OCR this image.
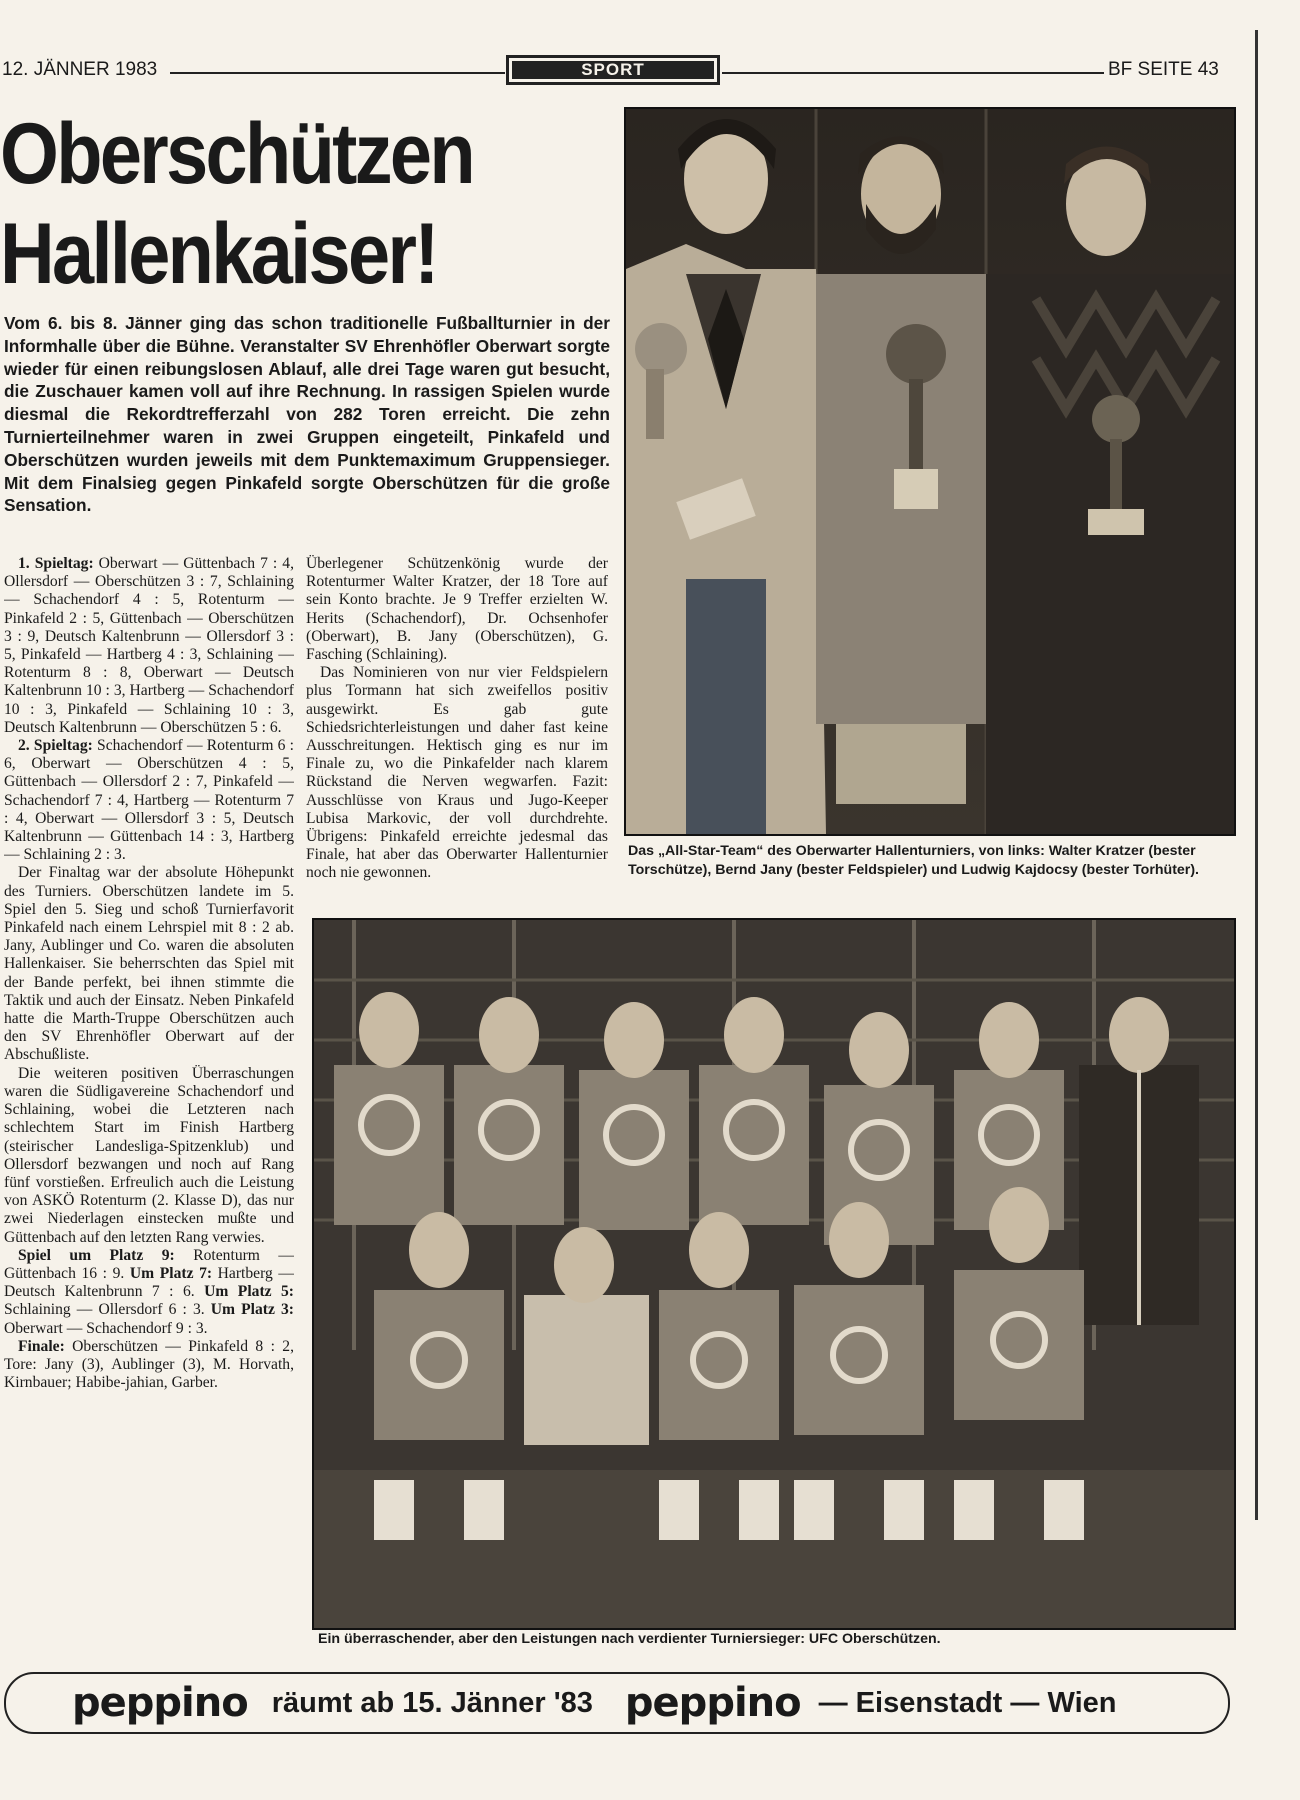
12. JÄNNER 1983	SPORT	BF SEITE 43
Oberschützen
Hallenkaiser!
Vom 6. bis 8. Jänner ging das schon traditionelle Fußballturnier in der Informhalle über die Bühne. Veranstalter SV Ehrenhöfler Oberwart sorgte wieder für einen reibungslosen Ablauf, alle drei Tage waren gut besucht, die Zuschauer kamen voll auf ihre Rechnung. In rassigen Spielen wurde diesmal die Rekordtrefferzahl von 282 Toren erreicht. Die zehn Turnierteilnehmer waren in zwei Gruppen eingeteilt, Pinkafeld und Oberschützen wurden jeweils mit dem Punktemaximum Gruppensieger. Mit dem Finalsieg gegen Pinkafeld sorgte Oberschützen für die große Sensation.

1. Spieltag: Oberwart — Güttenbach 7 : 4, Ollersdorf — Oberschützen 3 : 7, Schlaining — Schachendorf 4 : 5, Rotenturm — Pinkafeld 2 : 5, Güttenbach — Oberschützen 3 : 9, Deutsch Kaltenbrunn — Ollersdorf 3 : 5, Pinkafeld — Hartberg 4 : 3, Schlaining — Rotenturm 8 : 8, Oberwart — Deutsch Kaltenbrunn 10 : 3, Hartberg — Schachendorf 10 : 3, Pinkafeld — Schlaining 10 : 3, Deutsch Kaltenbrunn — Oberschützen 5 : 6.

2. Spieltag: Schachendorf — Rotenturm 6 : 6, Oberwart — Oberschützen 4 : 5, Güttenbach — Ollersdorf 2 : 7, Pinkafeld — Schachendorf 7 : 4, Hartberg — Rotenturm 7 : 4, Oberwart — Ollersdorf 3 : 5, Deutsch Kaltenbrunn — Güttenbach 14 : 3, Hartberg — Schlaining 2 : 3.

Der Finaltag war der absolute Höhepunkt des Turniers. Oberschützen landete im 5. Spiel den 5. Sieg und schoß Turnierfavorit Pinkafeld nach einem Lehrspiel mit 8 : 2 ab. Jany, Aublinger und Co. waren die absoluten Hallenkaiser. Sie beherrschten das Spiel mit der Bande perfekt, bei ihnen stimmte die Taktik und auch der Einsatz. Neben Pinkafeld hatte die Marth-Truppe Oberschützen auch den SV Ehrenhöfler Oberwart auf der Abschußliste.

Die weiteren positiven Überraschungen waren die Südligavereine Schachendorf und Schlaining, wobei die Letzteren nach schlechtem Start im Finish Hartberg (steirischer Landesliga-Spitzenklub) und Ollersdorf bezwangen und noch auf Rang fünf vorstießen. Erfreulich auch die Leistung von ASKÖ Rotenturm (2. Klasse D), das nur zwei Niederlagen einstecken mußte und Güttenbach auf den letzten Rang verwies.

Spiel um Platz 9: Rotenturm — Güttenbach 16 : 9. Um Platz 7: Hartberg — Deutsch Kaltenbrunn 7 : 6. Um Platz 5: Schlaining — Ollersdorf 6 : 3. Um Platz 3: Oberwart — Schachendorf 9 : 3.

Finale: Oberschützen — Pinkafeld 8 : 2, Tore: Jany (3), Aublinger (3), M. Horvath, Kirnbauer; Habibe-jahian, Garber.

Überlegener Schützenkönig wurde der Rotenturmer Walter Kratzer, der 18 Tore auf sein Konto brachte. Je 9 Treffer erzielten W. Herits (Schachendorf), Dr. Ochsenhofer (Oberwart), B. Jany (Oberschützen), G. Fasching (Schlaining).

Das Nominieren von nur vier Feldspielern plus Tormann hat sich zweifellos positiv ausgewirkt. Es gab gute Schiedsrichterleistungen und daher fast keine Ausschreitungen. Hektisch ging es nur im Finale zu, wo die Pinkafelder nach klarem Rückstand die Nerven wegwarfen. Fazit: Ausschlüsse von Kraus und Jugo-Keeper Lubisa Markovic, der voll durchdrehte. Übrigens: Pinkafeld erreichte jedesmal das Finale, hat aber das Oberwarter Hallenturnier noch nie gewonnen.

Das „All-Star-Team“ des Oberwarter Hallenturniers, von links: Walter Kratzer (bester Torschütze), Bernd Jany (bester Feldspieler) und Ludwig Kajdocsy (bester Torhüter).
Ein überraschender, aber den Leistungen nach verdienter Turniersieger: UFC Oberschützen.
peppino räumt ab 15. Jänner '83 peppino — Eisenstadt — Wien
